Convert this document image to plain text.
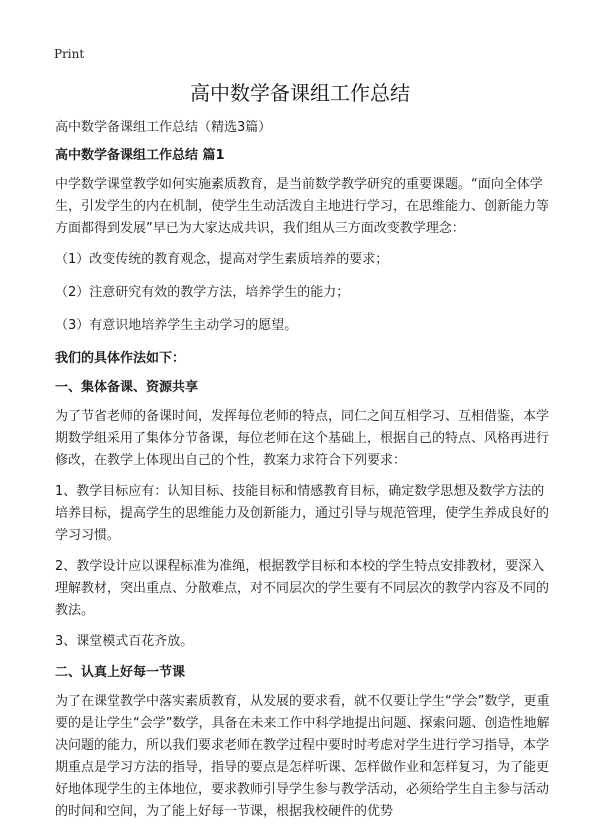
Print
高中数学备课组工作总结

高中数学备课组工作总结（精选3篇）

高中数学备课组工作总结 篇1

中学数学课堂教学如何实施素质教育，是当前数学教学研究的重要课题。“面向全体学生，引发学生的内在机制，使学生生动活泼自主地进行学习，在思维能力、创新能力等方面都得到发展”早已为大家达成共识，我们组从三方面改变教学理念：

（1）改变传统的教育观念，提高对学生素质培养的要求；

（2）注意研究有效的教学方法，培养学生的能力；

（3）有意识地培养学生主动学习的愿望。

我们的具体作法如下：

一、集体备课、资源共享

为了节省老师的备课时间，发挥每位老师的特点，同仁之间互相学习、互相借鉴，本学期数学组采用了集体分节备课，每位老师在这个基础上，根据自己的特点、风格再进行修改，在教学上体现出自己的个性，教案力求符合下列要求：

1、教学目标应有：认知目标、技能目标和情感教育目标，确定数学思想及数学方法的培养目标，提高学生的思维能力及创新能力，通过引导与规范管理，使学生养成良好的学习习惯。

2、教学设计应以课程标准为准绳，根据教学目标和本校的学生特点安排教材，要深入理解教材，突出重点、分散难点，对不同层次的学生要有不同层次的教学内容及不同的教法。

3、课堂模式百花齐放。

二、认真上好每一节课

为了在课堂教学中落实素质教育，从发展的要求看，就不仅要让学生“学会”数学，更重要的是让学生“会学”数学，具备在未来工作中科学地提出问题、探索问题、创造性地解决问题的能力，所以我们要求老师在教学过程中要时时考虑对学生进行学习指导，本学期重点是学习方法的指导，指导的要点是怎样听课、怎样做作业和怎样复习，为了能更好地体现学生的主体地位，要求教师引导学生参与教学活动，必须给学生自主参与活动的时间和空间，为了能上好每一节课，根据我校硬件的优势
